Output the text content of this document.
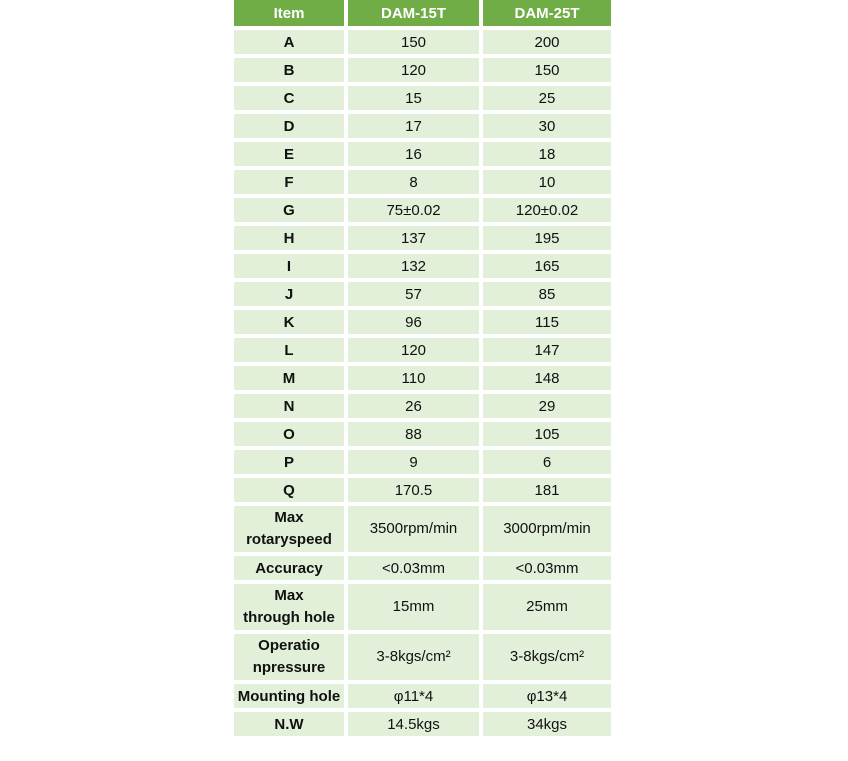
Item	DAM-15T	DAM-25T
A	150	200
B	120	150
C	15	25
D	17	30
E	16	18
F	8	10
G	75±0.02	120±0.02
H	137	195
I	132	165
J	57	85
K	96	115
L	120	147
M	110	148
N	26	29
O	88	105
P	9	6
Q	170.5	181
Max
rotaryspeed	3500rpm/min	3000rpm/min
Accuracy	<0.03mm	<0.03mm
Max
through hole	15mm	25mm
Operatio
npressure	3-8kgs/cm²	3-8kgs/cm²
Mounting hole	φ11*4	φ13*4
N.W	14.5kgs	34kgs
